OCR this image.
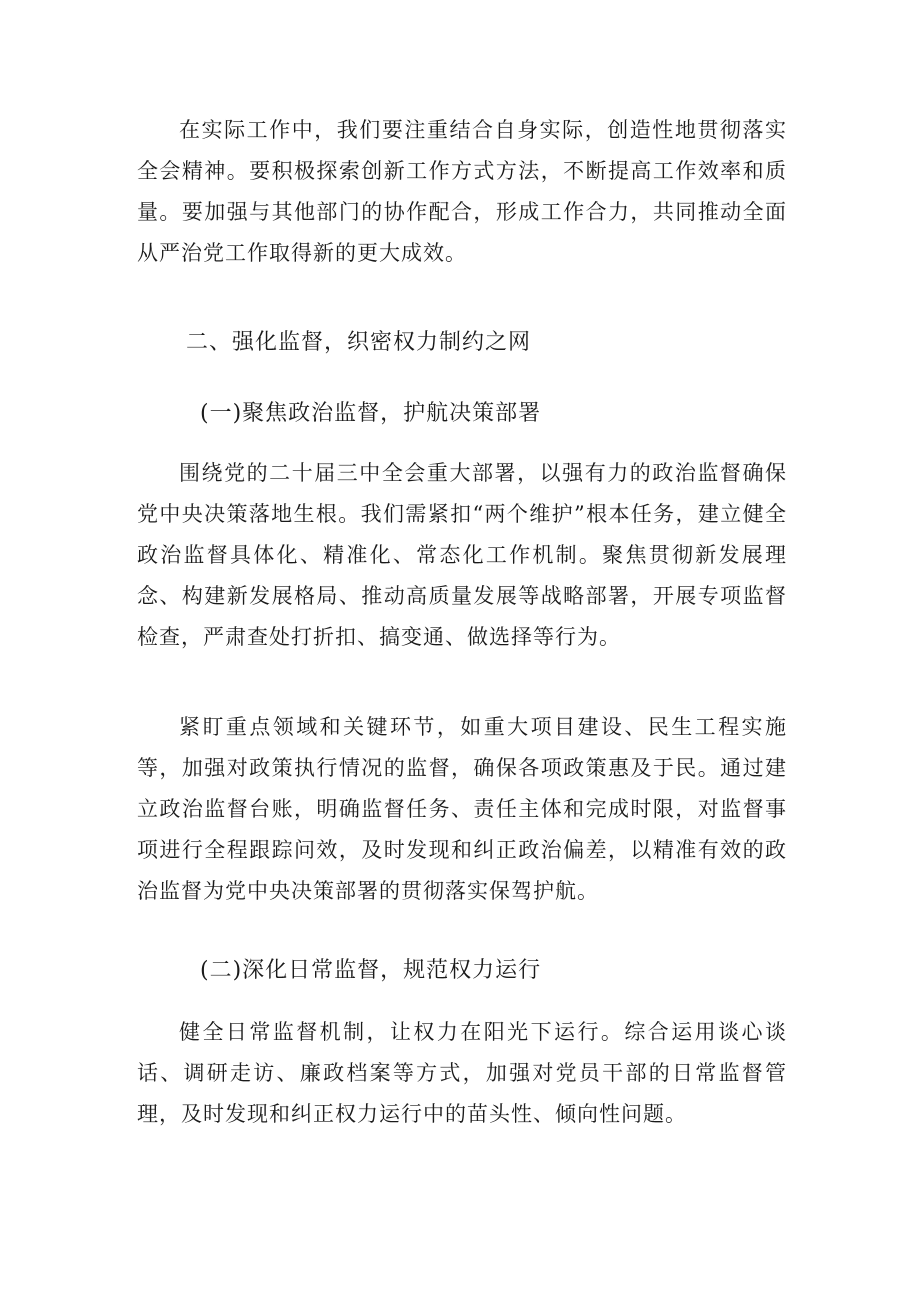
在实际工作中，我们要注重结合自身实际，创造性地贯彻落实全会精神。要积极探索创新工作方式方法，不断提高工作效率和质量。要加强与其他部门的协作配合，形成工作合力，共同推动全面从严治党工作取得新的更大成效。

二、强化监督，织密权力制约之网
(一)聚焦政治监督，护航决策部署

围绕党的二十届三中全会重大部署，以强有力的政治监督确保党中央决策落地生根。我们需紧扣“两个维护”根本任务，建立健全政治监督具体化、精准化、常态化工作机制。聚焦贯彻新发展理念、构建新发展格局、推动高质量发展等战略部署，开展专项监督检查，严肃查处打折扣、搞变通、做选择等行为。

紧盯重点领域和关键环节，如重大项目建设、民生工程实施等，加强对政策执行情况的监督，确保各项政策惠及于民。通过建立政治监督台账，明确监督任务、责任主体和完成时限，对监督事项进行全程跟踪问效，及时发现和纠正政治偏差，以精准有效的政治监督为党中央决策部署的贯彻落实保驾护航。

(二)深化日常监督，规范权力运行

健全日常监督机制，让权力在阳光下运行。综合运用谈心谈话、调研走访、廉政档案等方式，加强对党员干部的日常监督管理，及时发现和纠正权力运行中的苗头性、倾向性问题。
